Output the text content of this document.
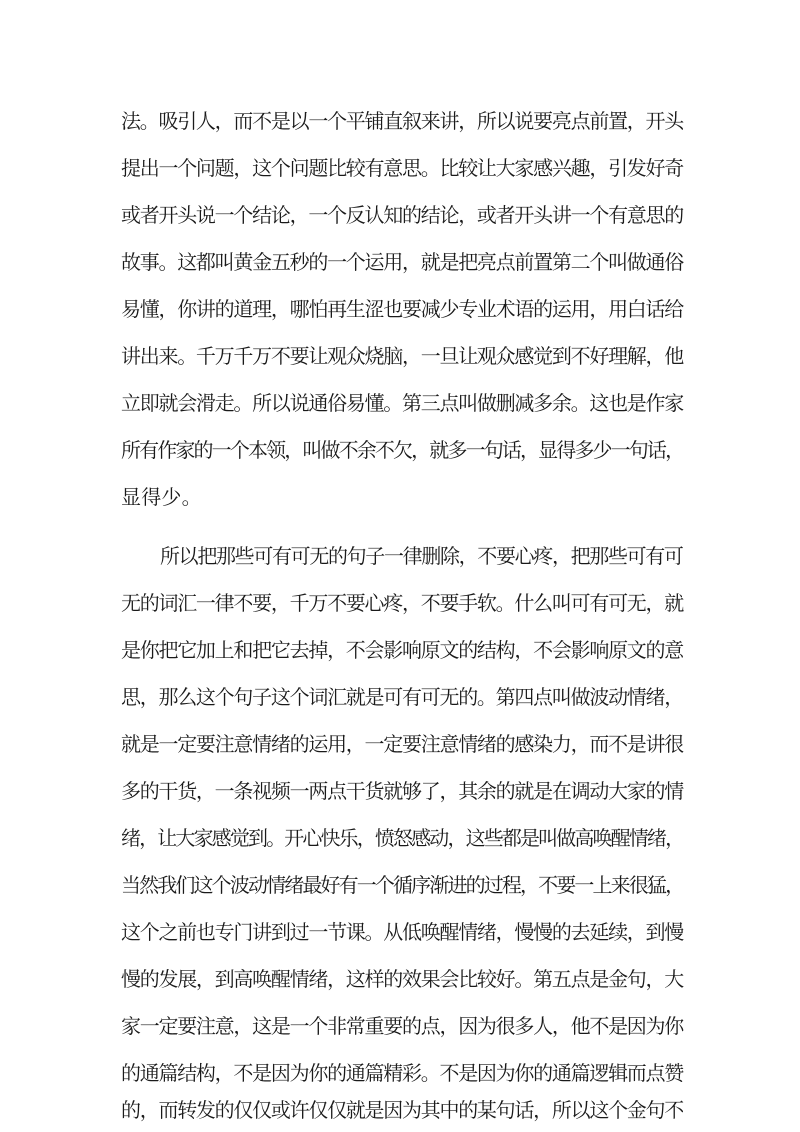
法。吸引人，而不是以一个平铺直叙来讲，所以说要亮点前置，开头
提出一个问题，这个问题比较有意思。比较让大家感兴趣，引发好奇
或者开头说一个结论，一个反认知的结论，或者开头讲一个有意思的
故事。这都叫黄金五秒的一个运用，就是把亮点前置第二个叫做通俗
易懂，你讲的道理，哪怕再生涩也要减少专业术语的运用，用白话给
讲出来。千万千万不要让观众烧脑，一旦让观众感觉到不好理解，他
立即就会滑走。所以说通俗易懂。第三点叫做删减多余。这也是作家
所有作家的一个本领，叫做不余不欠，就多一句话，显得多少一句话，
显得少。
所以把那些可有可无的句子一律删除，不要心疼，把那些可有可
无的词汇一律不要，千万不要心疼，不要手软。什么叫可有可无，就
是你把它加上和把它去掉，不会影响原文的结构，不会影响原文的意
思，那么这个句子这个词汇就是可有可无的。第四点叫做波动情绪，
就是一定要注意情绪的运用，一定要注意情绪的感染力，而不是讲很
多的干货，一条视频一两点干货就够了，其余的就是在调动大家的情
绪，让大家感觉到。开心快乐，愤怒感动，这些都是叫做高唤醒情绪，
当然我们这个波动情绪最好有一个循序渐进的过程，不要一上来很猛，
这个之前也专门讲到过一节课。从低唤醒情绪，慢慢的去延续，到慢
慢的发展，到高唤醒情绪，这样的效果会比较好。第五点是金句，大
家一定要注意，这是一个非常重要的点，因为很多人，他不是因为你
的通篇结构，不是因为你的通篇精彩。不是因为你的通篇逻辑而点赞
的，而转发的仅仅或许仅仅就是因为其中的某句话，所以这个金句不
